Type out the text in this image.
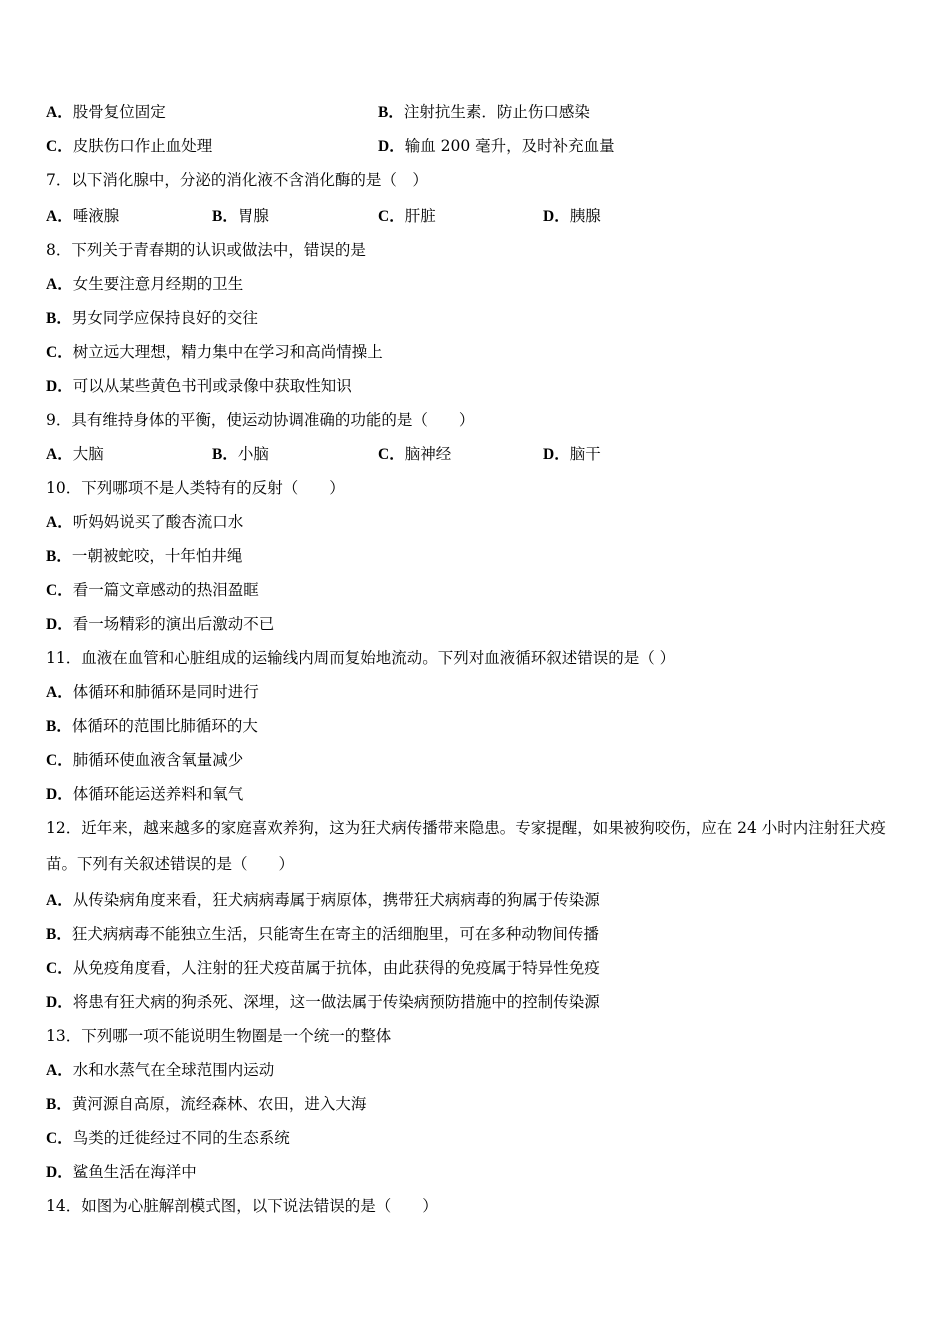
A．股骨复位固定	B．注射抗生素．防止伤口感染
C．皮肤伤口作止血处理	D．输血 200 毫升，及时补充血量
7．以下消化腺中，分泌的消化液不含消化酶的是（　）
A．唾液腺	B．胃腺	C．肝脏	D．胰腺
8．下列关于青春期的认识或做法中，错误的是
A．女生要注意月经期的卫生
B．男女同学应保持良好的交往
C．树立远大理想，精力集中在学习和高尚情操上
D．可以从某些黄色书刊或录像中获取性知识
9．具有维持身体的平衡，使运动协调准确的功能的是（　　）
A．大脑	B．小脑	C．脑神经	D．脑干
10．下列哪项不是人类特有的反射（　　）
A．听妈妈说买了酸杏流口水
B．一朝被蛇咬，十年怕井绳
C．看一篇文章感动的热泪盈眶
D．看一场精彩的演出后激动不已
11．血液在血管和心脏组成的运输线内周而复始地流动。下列对血液循环叙述错误的是（ ）
A．体循环和肺循环是同时进行
B．体循环的范围比肺循环的大
C．肺循环使血液含氧量减少
D．体循环能运送养料和氧气
12．近年来，越来越多的家庭喜欢养狗，这为狂犬病传播带来隐患。专家提醒，如果被狗咬伤，应在 24 小时内注射狂犬疫苗。下列有关叙述错误的是（　　）
A．从传染病角度来看，狂犬病病毒属于病原体，携带狂犬病病毒的狗属于传染源
B．狂犬病病毒不能独立生活，只能寄生在寄主的活细胞里，可在多种动物间传播
C．从免疫角度看，人注射的狂犬疫苗属于抗体，由此获得的免疫属于特异性免疫
D．将患有狂犬病的狗杀死、深埋，这一做法属于传染病预防措施中的控制传染源
13．下列哪一项不能说明生物圈是一个统一的整体
A．水和水蒸气在全球范围内运动
B．黄河源自高原，流经森林、农田，进入大海
C．鸟类的迁徙经过不同的生态系统
D．鲨鱼生活在海洋中
14．如图为心脏解剖模式图，以下说法错误的是（　　）
